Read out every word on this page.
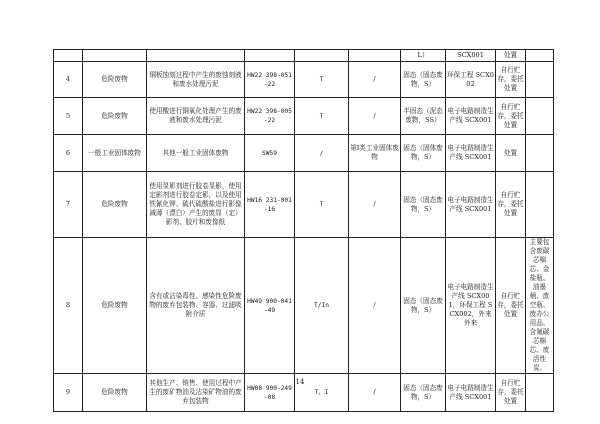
						L）	SCX001	处置	
4	危险废物	铜板蚀刻过程中产生的废蚀刻液和废水处理污泥	HW22 398-051-22	T	/	固态（固态废物，S）	环保工程 SCX002	自行贮存，委托处置	
5	危险废物	使用酸进行铜氧化处理产生的废液和废水处理污泥	HW22 398-005-22	T	/	半固态（泥态废物，SS）	电子电路制造生产线 SCX001	自行贮存，委托处置	
6	一般工业固体废物	其他一般工业固体废物	SW59	/	第Ⅰ类工业固体废物	固态（固体废物，S）	电子电路制造生产线 SCX001	处置	
7	危险废物	使用显影剂进行胶卷显影，使用定影剂进行胶卷定影，以及使用铁氰化钾、硫代硫酸盐进行影像减薄（漂白）产生的废显（定）影剂、胶片和废像纸	HW16 231-001-16	T	/	固态（固态废物，S）	电子电路制造生产线 SCX001	自行贮存，委托处置	
8	危险废物	含有或沾染毒性、感染性危险废物的废弃包装物、容器、过滤吸附介质	HW49 900-041-49	T/In	/	固态（固态废物，S）	电子电路制造生产线 SCX001，环保工程 SCX002，外来外来	自行贮存，委托处置	主要包含废碳芯棉芯、金盐瓶、油墨桶、废空瓶、废办公用品、含氰碳芯棉芯、废活性炭。
9	危险废物	其他生产、销售、使用过程中产生的废矿物油及沾染矿物油的废弃包装物	HW08 900-249-08	T，I	/	固态（固态废物，S）	电子电路制造生产线 SCX001	自行贮存，委托处置	
14
